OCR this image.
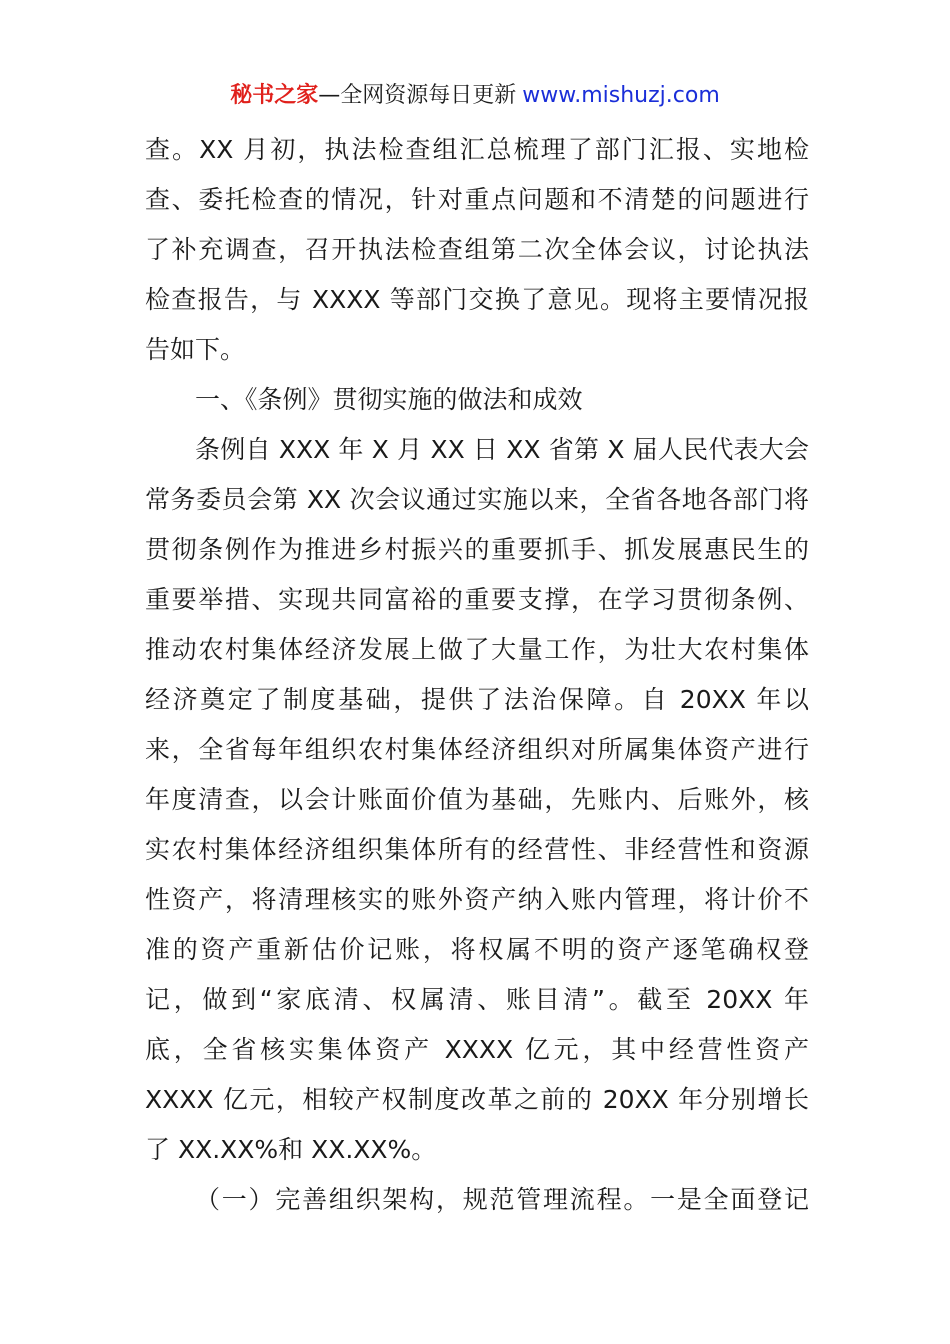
秘书之家—全网资源每日更新 www.mishuzj.com
查。XX 月初，执法检查组汇总梳理了部门汇报、实地检
查、委托检查的情况，针对重点问题和不清楚的问题进行
了补充调查，召开执法检查组第二次全体会议，讨论执法
检查报告，与 XXXX 等部门交换了意见。现将主要情况报
告如下。
一、《条例》贯彻实施的做法和成效
条例自 XXX 年 X 月 XX 日 XX 省第 X 届人民代表大会
常务委员会第 XX 次会议通过实施以来，全省各地各部门将
贯彻条例作为推进乡村振兴的重要抓手、抓发展惠民生的
重要举措、实现共同富裕的重要支撑，在学习贯彻条例、
推动农村集体经济发展上做了大量工作，为壮大农村集体
经济奠定了制度基础，提供了法治保障。自 20XX 年以
来，全省每年组织农村集体经济组织对所属集体资产进行
年度清查，以会计账面价值为基础，先账内、后账外，核
实农村集体经济组织集体所有的经营性、非经营性和资源
性资产，将清理核实的账外资产纳入账内管理，将计价不
准的资产重新估价记账，将权属不明的资产逐笔确权登
记，做到“家底清、权属清、账目清”。截至 20XX 年
底，全省核实集体资产 XXXX 亿元，其中经营性资产
XXXX 亿元，相较产权制度改革之前的 20XX 年分别增长
了 XX.XX%和 XX.XX%。
（一）完善组织架构，规范管理流程。一是全面登记
